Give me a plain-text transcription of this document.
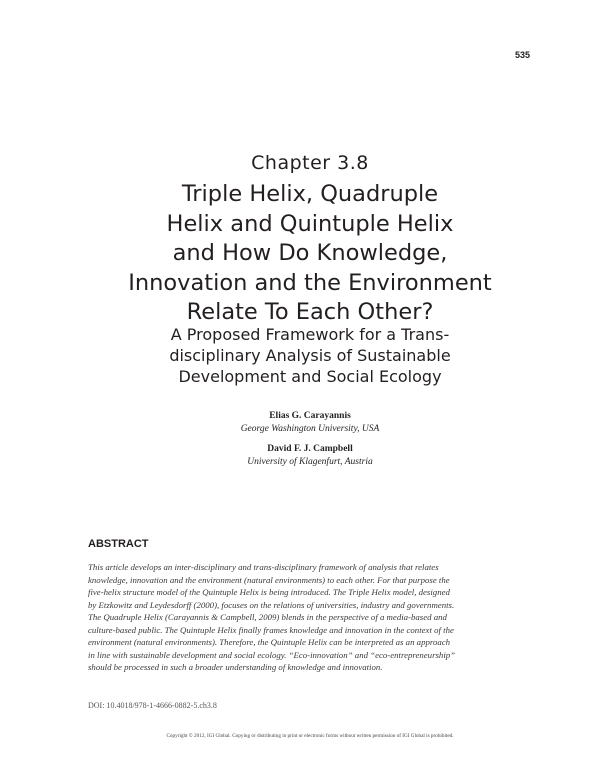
535
Chapter 3.8
Triple Helix, Quadruple
Helix and Quintuple Helix
and How Do Knowledge,
Innovation and the Environment
Relate To Each Other?
A Proposed Framework for a Trans-
disciplinary Analysis of Sustainable
Development and Social Ecology
Elias G. Carayannis
George Washington University, USA
David F. J. Campbell
University of Klagenfurt, Austria
ABSTRACT
This article develops an inter-disciplinary and trans-disciplinary framework of analysis that relates
knowledge, innovation and the environment (natural environments) to each other. For that purpose the
five-helix structure model of the Quintuple Helix is being introduced. The Triple Helix model, designed
by Etzkowitz and Leydesdorff (2000), focuses on the relations of universities, industry and governments.
The Quadruple Helix (Carayannis & Campbell, 2009) blends in the perspective of a media-based and
culture-based public. The Quintuple Helix finally frames knowledge and innovation in the context of the
environment (natural environments). Therefore, the Quintuple Helix can be interpreted as an approach
in line with sustainable development and social ecology. “Eco-innovation” and “eco-entrepreneurship”
should be processed in such a broader understanding of knowledge and innovation.
DOI: 10.4018/978-1-4666-0882-5.ch3.8
Copyright © 2012, IGI Global. Copying or distributing in print or electronic forms without written permission of IGI Global is prohibited.
